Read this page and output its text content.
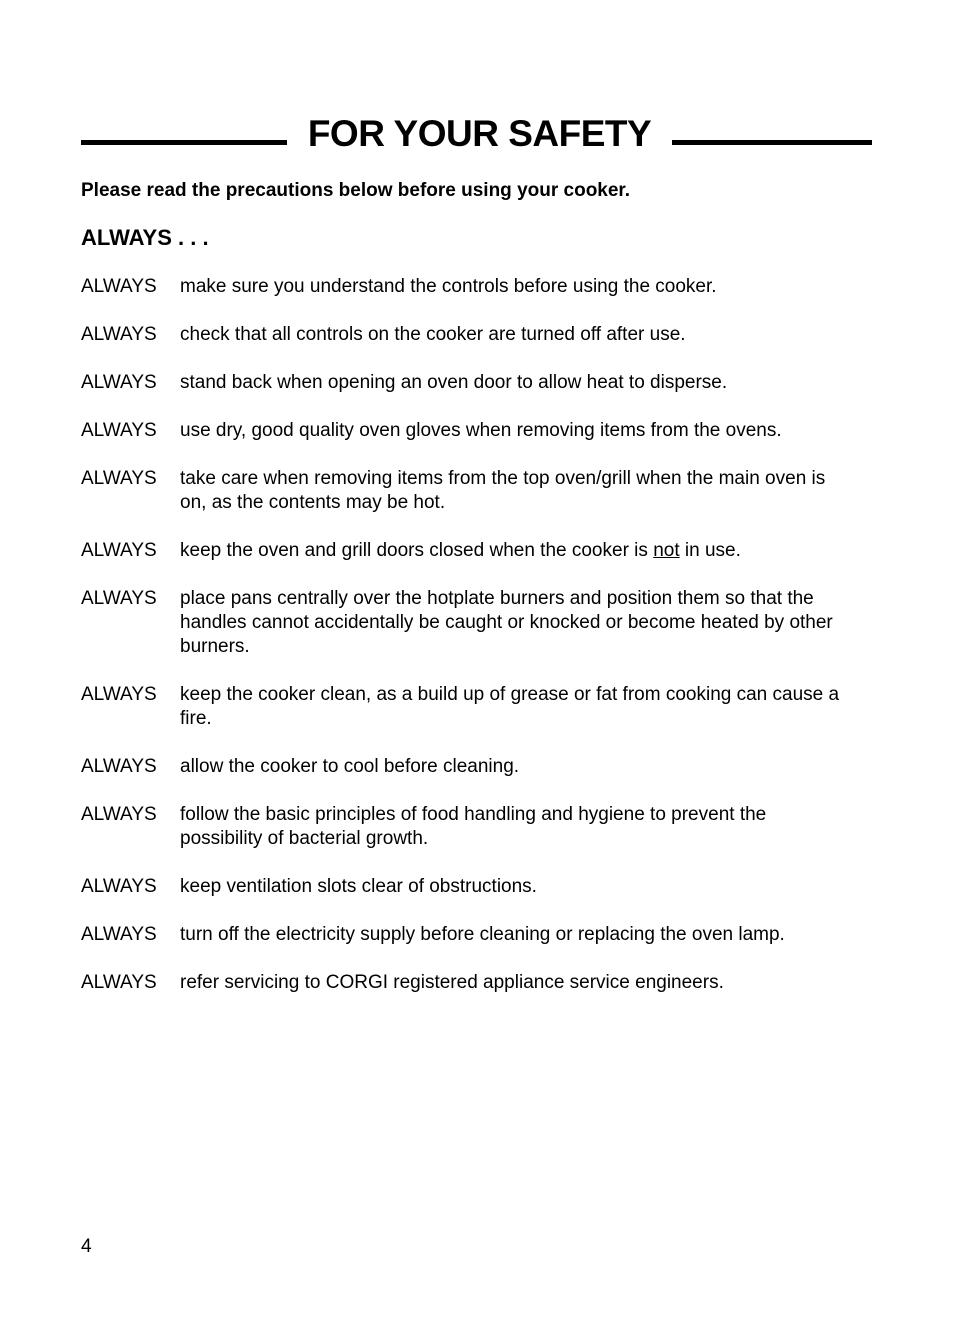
FOR YOUR SAFETY
Please read the precautions below before using your cooker.
ALWAYS . . .
ALWAYS	make sure you understand the controls before using the cooker.
ALWAYS	check that all controls on the cooker are turned off after use.
ALWAYS	stand back when opening an oven door to allow heat to disperse.
ALWAYS	use dry, good quality oven gloves when removing items from the ovens.
ALWAYS	take care when removing items from the top oven/grill when the main oven is on, as the contents may be hot.
ALWAYS	keep the oven and grill doors closed when the cooker is not in use.
ALWAYS	place pans centrally over the hotplate burners and position them so that the handles cannot accidentally be caught or knocked or become heated by other burners.
ALWAYS	keep the cooker clean, as a build up of grease or fat from cooking can cause a fire.
ALWAYS	allow the cooker to cool before cleaning.
ALWAYS	follow the basic principles of food handling and hygiene to prevent the possibility of bacterial growth.
ALWAYS	keep ventilation slots clear of obstructions.
ALWAYS	turn off the electricity supply before cleaning or replacing the oven lamp.
ALWAYS	refer servicing to CORGI registered appliance service engineers.
4
